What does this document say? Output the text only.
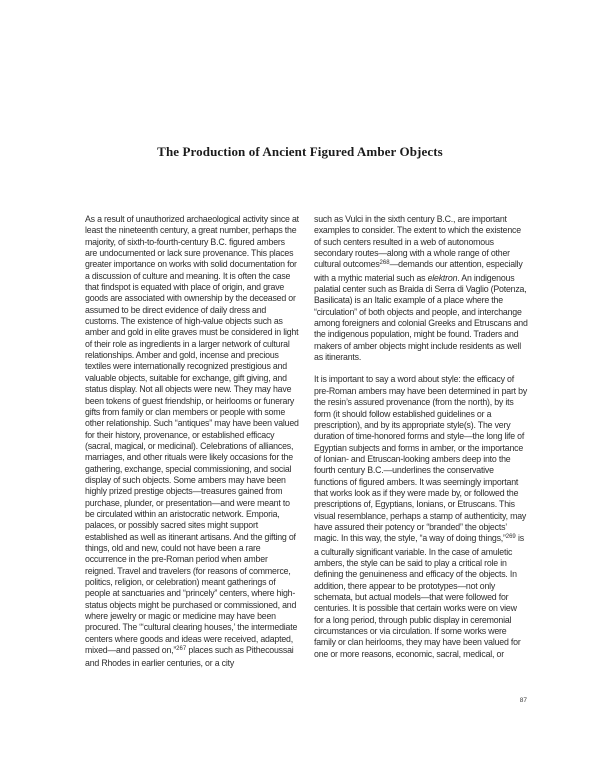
The Production of Ancient Figured Amber Objects

As a result of unauthorized archaeological activity since at least the nineteenth century, a great number, perhaps the majority, of sixth-to-fourth-century B.C. figured ambers are undocumented or lack sure provenance. This places greater importance on works with solid documentation for a discussion of culture and meaning. It is often the case that findspot is equated with place of origin, and grave goods are associated with ownership by the deceased or assumed to be direct evidence of daily dress and customs. The existence of high-value objects such as amber and gold in elite graves must be considered in light of their role as ingredients in a larger network of cultural relationships. Amber and gold, incense and precious textiles were internationally recognized prestigious and valuable objects, suitable for exchange, gift giving, and status display. Not all objects were new. They may have been tokens of guest friendship, or heirlooms or funerary gifts from family or clan members or people with some other relationship. Such “antiques” may have been valued for their history, provenance, or established efficacy (sacral, magical, or medicinal). Celebrations of alliances, marriages, and other rituals were likely occasions for the gathering, exchange, special commissioning, and social display of such objects. Some ambers may have been highly prized prestige objects—treasures gained from purchase, plunder, or presentation—and were meant to be circulated within an aristocratic network. Emporia, palaces, or possibly sacred sites might support established as well as itinerant artisans. And the gifting of things, old and new, could not have been a rare occurrence in the pre-Roman period when amber reigned. Travel and travelers (for reasons of commerce, politics, religion, or celebration) meant gatherings of people at sanctuaries and “princely” centers, where high-status objects might be purchased or commissioned, and where jewelry or magic or medicine may have been procured. The “‘cultural clearing houses,’ the intermediate centers where goods and ideas were received, adapted, mixed—and passed on,”$^{267}$ places such as Pithecoussai and Rhodes in earlier centuries, or a city

such as Vulci in the sixth century B.C., are important examples to consider. The extent to which the existence of such centers resulted in a web of autonomous secondary routes—along with a whole range of other cultural outcomes$^{268}$—demands our attention, especially with a mythic material such as elektron. An indigenous palatial center such as Braida di Serra di Vaglio (Potenza, Basilicata) is an Italic example of a place where the “circulation” of both objects and people, and interchange among foreigners and colonial Greeks and Etruscans and the indigenous population, might be found. Traders and makers of amber objects might include residents as well as itinerants.

It is important to say a word about style: the efficacy of pre-Roman ambers may have been determined in part by the resin’s assured provenance (from the north), by its form (it should follow established guidelines or a prescription), and by its appropriate style(s). The very duration of time-honored forms and style—the long life of Egyptian subjects and forms in amber, or the importance of Ionian- and Etruscan-looking ambers deep into the fourth century B.C.—underlines the conservative functions of figured ambers. It was seemingly important that works look as if they were made by, or followed the prescriptions of, Egyptians, Ionians, or Etruscans. This visual resemblance, perhaps a stamp of authenticity, may have assured their potency or “branded” the objects’ magic. In this way, the style, “a way of doing things,”$^{269}$ is a culturally significant variable. In the case of amuletic ambers, the style can be said to play a critical role in defining the genuineness and efficacy of the objects. In addition, there appear to be prototypes—not only schemata, but actual models—that were followed for centuries. It is possible that certain works were on view for a long period, through public display in ceremonial circumstances or via circulation. If some works were family or clan heirlooms, they may have been valued for one or more reasons, economic, sacral, medical, or

87
